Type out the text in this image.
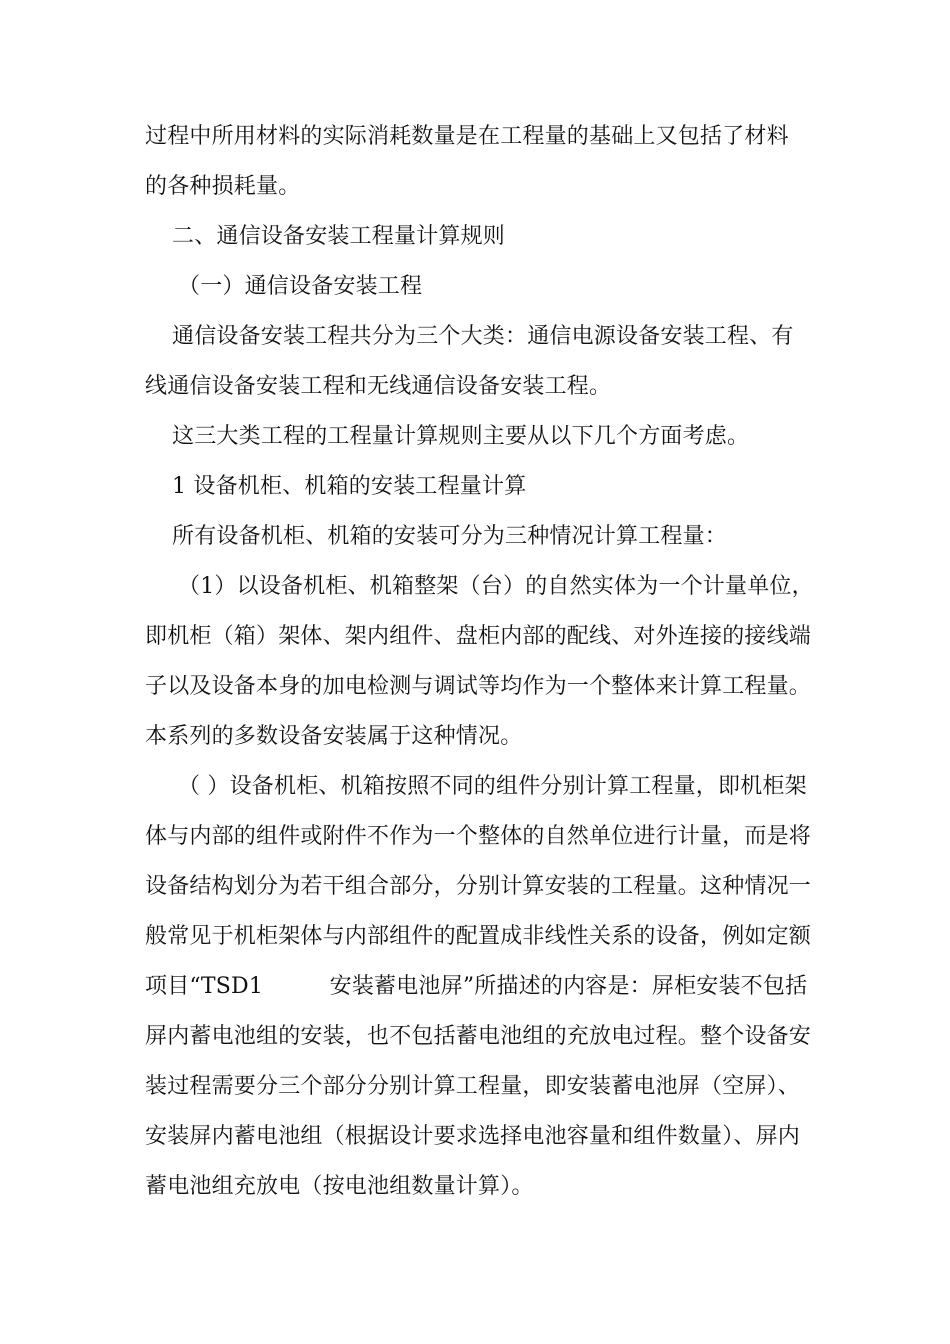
过程中所用材料的实际消耗数量是在工程量的基础上又包括了材料
的各种损耗量。
二、通信设备安装工程量计算规则
（一）通信设备安装工程
通信设备安装工程共分为三个大类：通信电源设备安装工程、有
线通信设备安装工程和无线通信设备安装工程。
这三大类工程的工程量计算规则主要从以下几个方面考虑。
1 设备机柜、机箱的安装工程量计算
所有设备机柜、机箱的安装可分为三种情况计算工程量：
（1）以设备机柜、机箱整架（台）的自然实体为一个计量单位，
即机柜（箱）架体、架内组件、盘柜内部的配线、对外连接的接线端
子以及设备本身的加电检测与调试等均作为一个整体来计算工程量。
本系列的多数设备安装属于这种情况。
（ ）设备机柜、机箱按照不同的组件分别计算工程量，即机柜架
体与内部的组件或附件不作为一个整体的自然单位进行计量，而是将
设备结构划分为若干组合部分，分别计算安装的工程量。这种情况一
般常见于机柜架体与内部组件的配置成非线性关系的设备，例如定额
项目“TSD1　　　安装蓄电池屏”所描述的内容是：屏柜安装不包括
屏内蓄电池组的安装，也不包括蓄电池组的充放电过程。整个设备安
装过程需要分三个部分分别计算工程量，即安装蓄电池屏（空屏）、
安装屏内蓄电池组（根据设计要求选择电池容量和组件数量）、屏内
蓄电池组充放电（按电池组数量计算）。
